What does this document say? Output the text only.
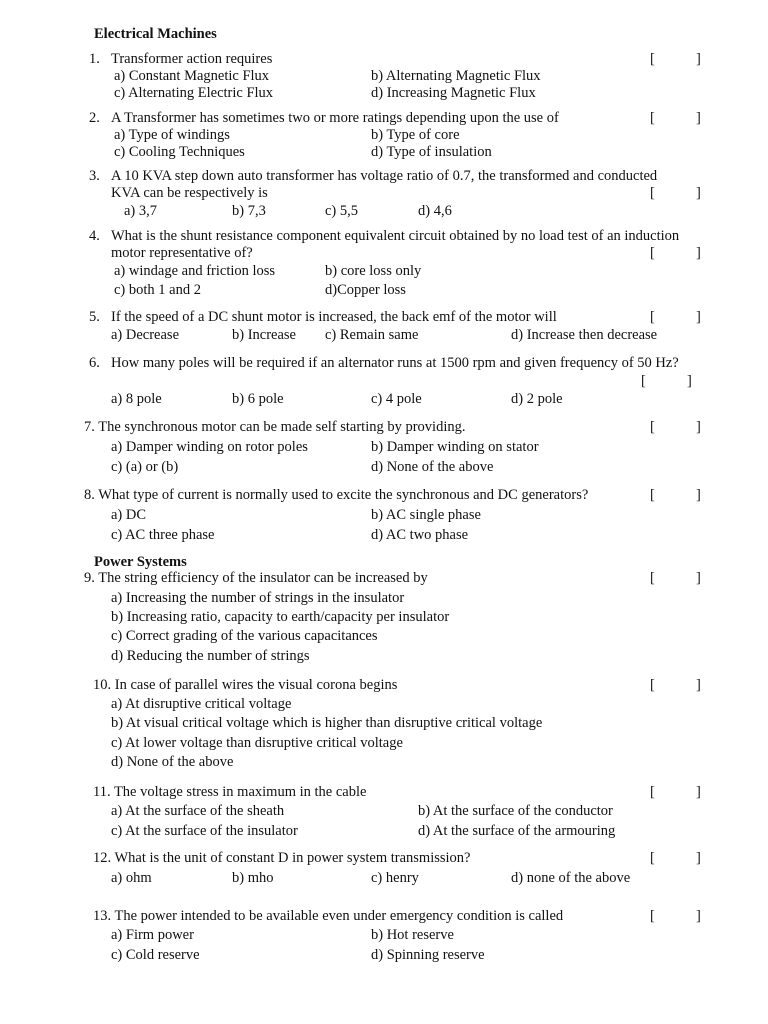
Electrical Machines
1. Transformer action requires	[	]
a) Constant Magnetic Flux	b) Alternating Magnetic Flux
c) Alternating Electric Flux	d) Increasing Magnetic Flux
2. A Transformer has sometimes two or more ratings depending upon the use of	[	]
a) Type of windings	b) Type of core
c) Cooling Techniques	d) Type of insulation
3. A 10 KVA step down auto transformer has voltage ratio of 0.7, the transformed and conducted
KVA can be respectively is	[	]
a) 3,7	b) 7,3	c) 5,5	d) 4,6
4. What is the shunt resistance component equivalent circuit obtained by no load test of an induction
motor representative of?	[	]
a) windage and friction loss	b) core loss only
c) both 1 and 2	d)Copper loss
5. If the speed of a DC shunt motor is increased, the back emf of the motor will	[	]
a) Decrease	b) Increase c) Remain same	d) Increase then decrease
6. How many poles will be required if an alternator runs at 1500 rpm and given frequency of 50 Hz?
[	]
a) 8 pole	b) 6 pole	c) 4 pole	d) 2 pole
7. The synchronous motor can be made self starting by providing.	[	]
a) Damper winding on rotor poles	b) Damper winding on stator
c) (a) or (b)	d) None of the above
8. What type of current is normally used to excite the synchronous and DC generators?	[	]
a) DC	b) AC single phase
c) AC three phase	d) AC two phase
Power Systems
9. The string efficiency of the insulator can be increased by	[	]
a) Increasing the number of strings in the insulator
b) Increasing ratio, capacity to earth/capacity per insulator
c) Correct grading of the various capacitances
d) Reducing the number of strings
10. In case of parallel wires the visual corona begins	[	]
a) At disruptive critical voltage
b) At visual critical voltage which is higher than disruptive critical voltage
c) At lower voltage than disruptive critical voltage
d) None of the above
11. The voltage stress in maximum in the cable	[	]
a) At the surface of the sheath	b) At the surface of the conductor
c) At the surface of the insulator	d) At the surface of the armouring
12. What is the unit of constant D in power system transmission?	[	]
a) ohm	b) mho	c) henry	d) none of the above
13. The power intended to be available even under emergency condition is called	[	]
a) Firm power	b) Hot reserve
c) Cold reserve	d) Spinning reserve
